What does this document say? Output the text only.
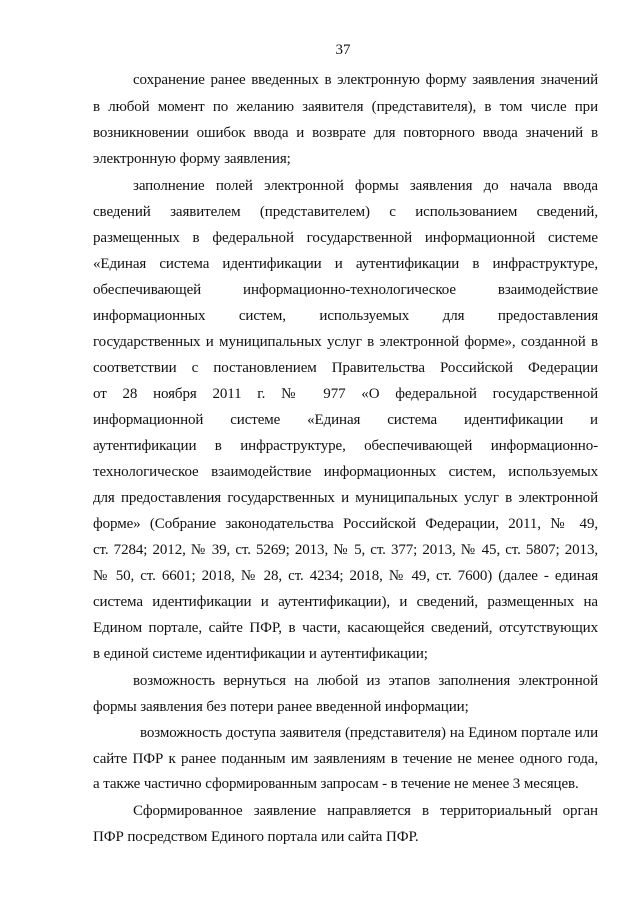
37
сохранение ранее введенных в электронную форму заявления значений
в любой момент по желанию заявителя (представителя), в том числе при
возникновении ошибок ввода и возврате для повторного ввода значений в
электронную форму заявления;
заполнение полей электронной формы заявления до начала ввода
сведений заявителем (представителем) с использованием сведений,
размещенных в федеральной государственной информационной системе
«Единая система идентификации и аутентификации в инфраструктуре,
обеспечивающей информационно-технологическое взаимодействие
информационных систем, используемых для предоставления
государственных и муниципальных услуг в электронной форме», созданной в
соответствии с постановлением Правительства Российской Федерации
от 28 ноября 2011 г. № 977 «О федеральной государственной
информационной системе «Единая система идентификации и
аутентификации в инфраструктуре, обеспечивающей информационно-
технологическое взаимодействие информационных систем, используемых
для предоставления государственных и муниципальных услуг в электронной
форме» (Собрание законодательства Российской Федерации, 2011, № 49,
ст. 7284; 2012, № 39, ст. 5269; 2013, № 5, ст. 377; 2013, № 45, ст. 5807; 2013,
№ 50, ст. 6601; 2018, № 28, ст. 4234; 2018, № 49, ст. 7600) (далее - единая
система идентификации и аутентификации), и сведений, размещенных на
Едином портале, сайте ПФР, в части, касающейся сведений, отсутствующих
в единой системе идентификации и аутентификации;
возможность вернуться на любой из этапов заполнения электронной
формы заявления без потери ранее введенной информации;
возможность доступа заявителя (представителя) на Едином портале или
сайте ПФР к ранее поданным им заявлениям в течение не менее одного года,
а также частично сформированным запросам - в течение не менее 3 месяцев.
Сформированное заявление направляется в территориальный орган
ПФР посредством Единого портала или сайта ПФР.
